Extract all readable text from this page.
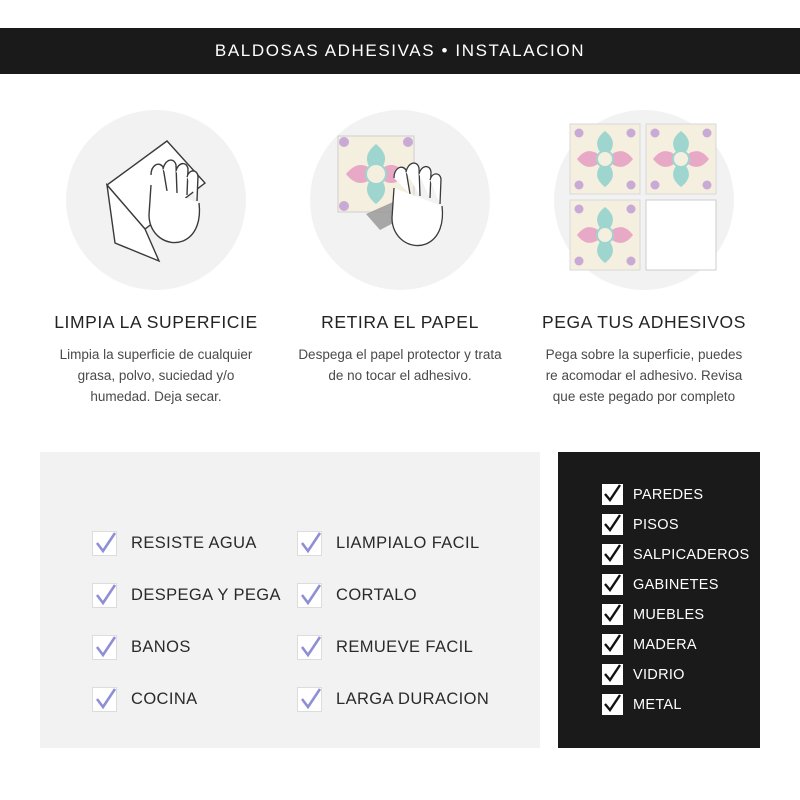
BALDOSAS ADHESIVAS • INSTALACION
LIMPIA LA SUPERFICIE
Limpia la superficie de cualquier grasa, polvo, suciedad y/o humedad. Deja secar.
RETIRA EL PAPEL
Despega el papel protector y trata de no tocar el adhesivo.
PEGA TUS ADHESIVOS
Pega sobre la superficie, puedes re acomodar el adhesivo. Revisa que este pegado por completo
RESISTE AGUA	LIAMPIALO FACIL
DESPEGA Y PEGA	CORTALO
BANOS	REMUEVE FACIL
COCINA	LARGA DURACION
PAREDES
PISOS
SALPICADEROS
GABINETES
MUEBLES
MADERA
VIDRIO
METAL
